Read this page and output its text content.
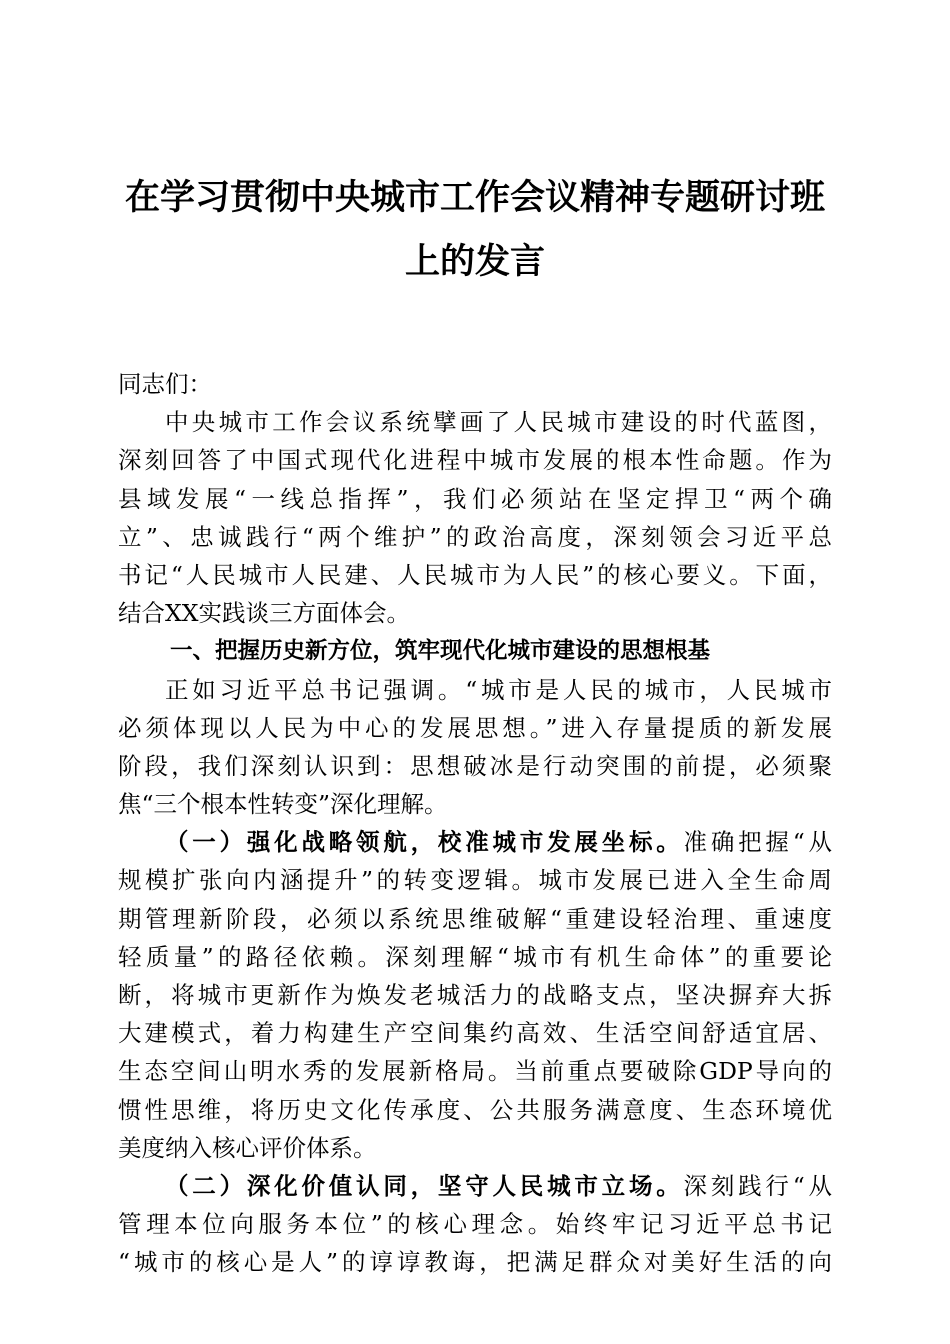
在学习贯彻中央城市工作会议精神专题研讨班
上的发言
同志们：
中央城市工作会议系统擘画了人民城市建设的时代蓝图，
深刻回答了中国式现代化进程中城市发展的根本性命题。作为
县域发展“一线总指挥”，我们必须站在坚定捍卫“两个确
立”、忠诚践行“两个维护”的政治高度，深刻领会习近平总
书记“人民城市人民建、人民城市为人民”的核心要义。下面，
结合XX实践谈三方面体会。
一、把握历史新方位，筑牢现代化城市建设的思想根基
正如习近平总书记强调。“城市是人民的城市，人民城市
必须体现以人民为中心的发展思想。”进入存量提质的新发展
阶段，我们深刻认识到：思想破冰是行动突围的前提，必须聚
焦“三个根本性转变”深化理解。
（一）强化战略领航，校准城市发展坐标。准确把握“从
规模扩张向内涵提升”的转变逻辑。城市发展已进入全生命周
期管理新阶段，必须以系统思维破解“重建设轻治理、重速度
轻质量”的路径依赖。深刻理解“城市有机生命体”的重要论
断，将城市更新作为焕发老城活力的战略支点，坚决摒弃大拆
大建模式，着力构建生产空间集约高效、生活空间舒适宜居、
生态空间山明水秀的发展新格局。当前重点要破除GDP导向的
惯性思维，将历史文化传承度、公共服务满意度、生态环境优
美度纳入核心评价体系。
（二）深化价值认同，坚守人民城市立场。深刻践行“从
管理本位向服务本位”的核心理念。始终牢记习近平总书记
“城市的核心是人”的谆谆教诲，把满足群众对美好生活的向
